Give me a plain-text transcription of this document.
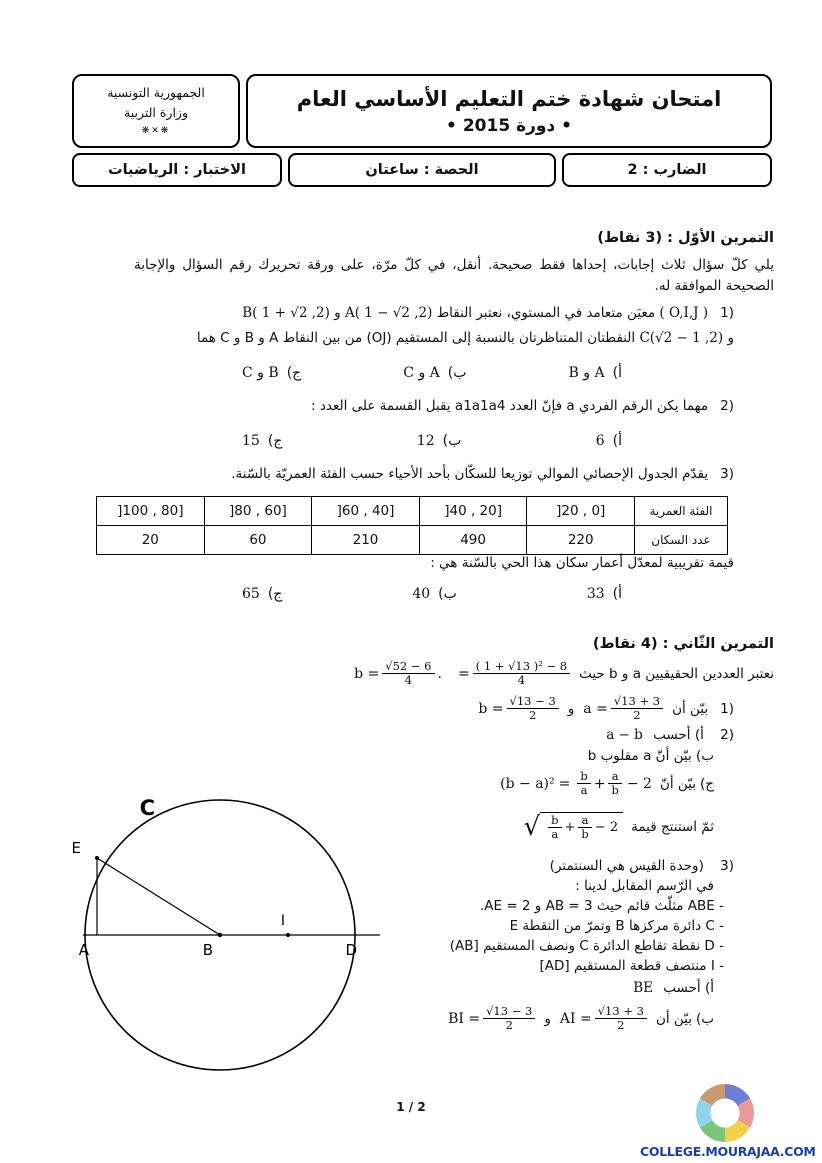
امتحان شهادة ختم التعليم الأساسي العام
• دورة 2015 •
الجمهورية التونسية
وزارة التربية
❋✕❋
الضارب : 2
الحصة : ساعتان
الاختبار : الرياضيات
التمرين الأوّل : (3 نقاط)
يلي كلّ سؤال ثلاث إجابات، إحداها فقط صحيحة. أنقل، في كلّ مرّة، على ورقة تحريرك رقم السؤال والإجابة الصحيحة الموافقة له.
1)( O,I,J ) معيَن متعامد في المستوي، نعتبر النقاط A( 1 − √2 ,2) و B( 1 + √2 ,2)
و C(√2 − 1 ,2) النقطتان المتناظرتان بالنسبة إلى المستقيم (OJ) من بين النقاط A و B و C هما
أ)A و B
ب)A و C
ج)B و C
2)مهما يكن الرقم الفردي a فإنّ العدد a1a1a4 يقبل القسمة على العدد :
أ)6
ب)12
ج)15
3)يقدّم الجدول الإحصائي الموالي توزيعا للسكّان بأحد الأحياء حسب الفئة العمريّة بالسّنة.
الفئة العمرية	[0 , 20[	[20 , 40[	[40 , 60[	[60 , 80[	[80 , 100[
عدد السكان	220	490	210	60	20
قيمة تقريبية لمعدّل أعمار سكان هذا الحي بالسّنة هي :
أ)33
ب)40
ج)65
التمرين الثّاني : (4 نقاط)
نعتبر العددين الحقيقيين a و b حيث
= $\frac{\text{( 1 + √13 )² − 8}}{4}$
$b = \frac{√52 - 6}{4}$ .
1)
بيّن أن
$a = \frac{√13 + 3}{2}$
و
$b = \frac{√13 - 3}{2}$
2) أ) أحسب a − b
ب) بيّن أنّ a مقلوب b
ج)
بيّن أنّ
$(b - a)^2 = \frac{b}{a} + \frac{a}{b} - 2$
ثمّ استنتج قيمة
√ $\frac{b}{a} + \frac{a}{b} - 2$
3) (وحدة القيس هي السنتمتر)
في الرّسم المقابل لدينا :
- ABE مثلّث قائم حيث AB = 3 و AE = 2.
- C دائرة مركزها B وتمرّ من النقطة E
- D نقطة تقاطع الدائرة C ونصف المستقيم [AB)
- I منتصف قطعة المستقيم [AD]
أ) أحسب BE
ب)
بيّن أن
AI = $\frac{√13 + 3}{2}$
و
BI = $\frac{√13 - 3}{2}$
C
E
A	B
I
D
1 / 2
COLLEGE.MOURAJAA.COM
